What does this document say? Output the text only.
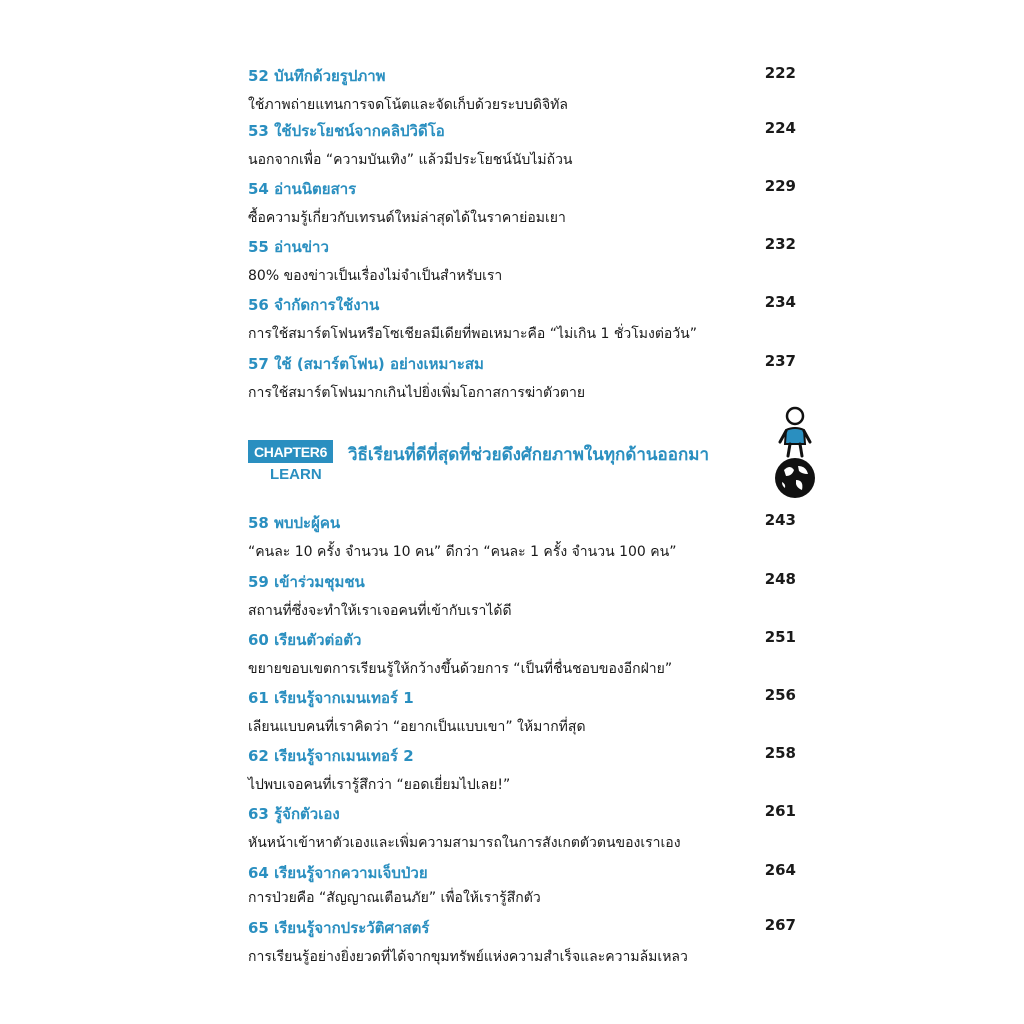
52 บันทึกด้วยรูปภาพ	222
ใช้ภาพถ่ายแทนการจดโน้ตและจัดเก็บด้วยระบบดิจิทัล
53 ใช้ประโยชน์จากคลิปวิดีโอ	224
นอกจากเพื่อ “ความบันเทิง” แล้วมีประโยชน์นับไม่ถ้วน
54 อ่านนิตยสาร	229
ซื้อความรู้เกี่ยวกับเทรนด์ใหม่ล่าสุดได้ในราคาย่อมเยา
55 อ่านข่าว	232
80% ของข่าวเป็นเรื่องไม่จำเป็นสำหรับเรา
56 จำกัดการใช้งาน	234
การใช้สมาร์ตโฟนหรือโซเชียลมีเดียที่พอเหมาะคือ “ไม่เกิน 1 ชั่วโมงต่อวัน”
57 ใช้ (สมาร์ตโฟน) อย่างเหมาะสม	237
การใช้สมาร์ตโฟนมากเกินไปยิ่งเพิ่มโอกาสการฆ่าตัวตาย
CHAPTER6
LEARN
วิธีเรียนที่ดีที่สุดที่ช่วยดึงศักยภาพในทุกด้านออกมา
58 พบปะผู้คน	243
“คนละ 10 ครั้ง จำนวน 10 คน” ดีกว่า “คนละ 1 ครั้ง จำนวน 100 คน”
59 เข้าร่วมชุมชน	248
สถานที่ซึ่งจะทำให้เราเจอคนที่เข้ากับเราได้ดี
60 เรียนตัวต่อตัว	251
ขยายขอบเขตการเรียนรู้ให้กว้างขึ้นด้วยการ “เป็นที่ชื่นชอบของอีกฝ่าย”
61 เรียนรู้จากเมนเทอร์ 1	256
เลียนแบบคนที่เราคิดว่า “อยากเป็นแบบเขา” ให้มากที่สุด
62 เรียนรู้จากเมนเทอร์ 2	258
ไปพบเจอคนที่เรารู้สึกว่า “ยอดเยี่ยมไปเลย!”
63 รู้จักตัวเอง	261
หันหน้าเข้าหาตัวเองและเพิ่มความสามารถในการสังเกตตัวตนของเราเอง
64 เรียนรู้จากความเจ็บป่วย	264
การป่วยคือ “สัญญาณเตือนภัย” เพื่อให้เรารู้สึกตัว
65 เรียนรู้จากประวัติศาสตร์	267
การเรียนรู้อย่างยิ่งยวดที่ได้จากขุมทรัพย์แห่งความสำเร็จและความล้มเหลว
